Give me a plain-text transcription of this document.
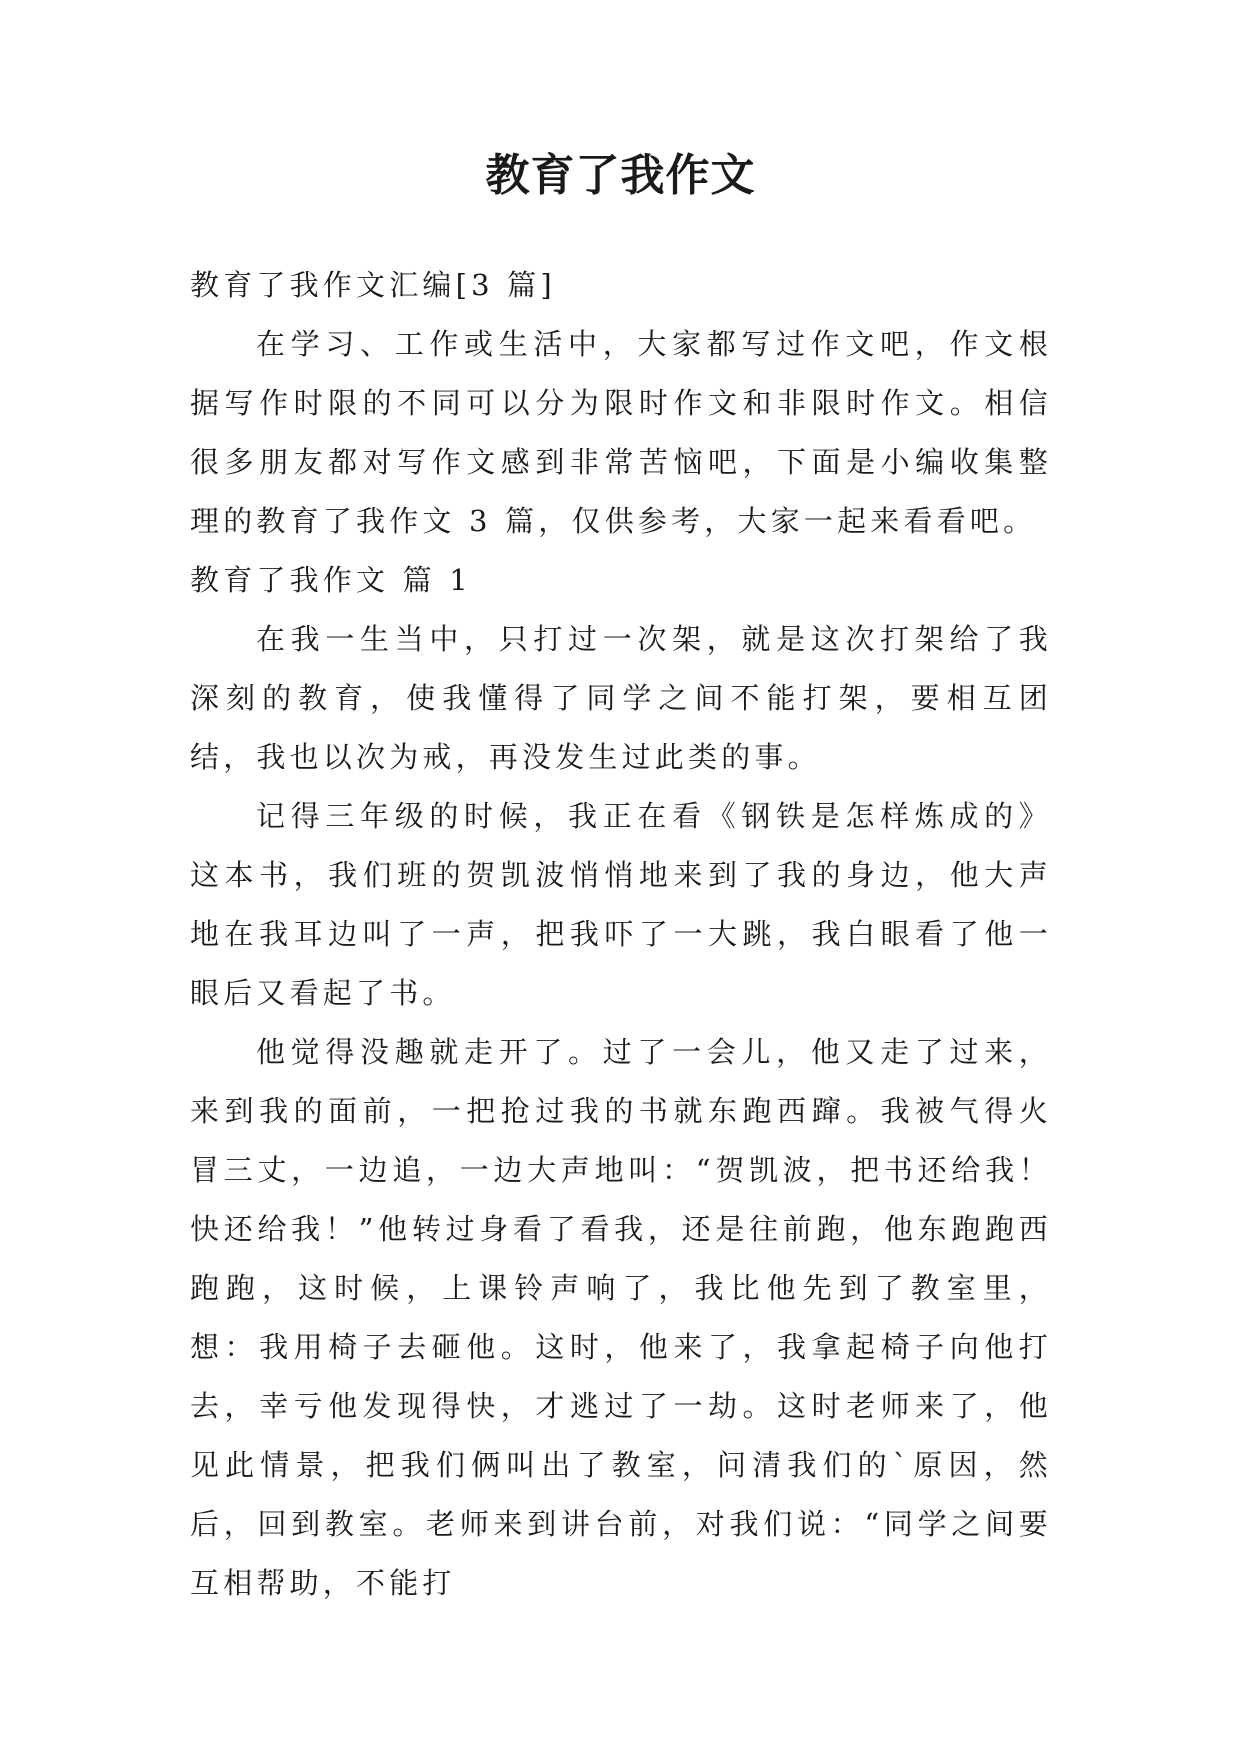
教育了我作文

教育了我作文汇编[3 篇]

在学习、工作或生活中，大家都写过作文吧，作文根据写作时限的不同可以分为限时作文和非限时作文。相信很多朋友都对写作文感到非常苦恼吧，下面是小编收集整理的教育了我作文 3 篇，仅供参考，大家一起来看看吧。

教育了我作文 篇 1

在我一生当中，只打过一次架，就是这次打架给了我深刻的教育，使我懂得了同学之间不能打架，要相互团结，我也以次为戒，再没发生过此类的事。

记得三年级的时候，我正在看《钢铁是怎样炼成的》这本书，我们班的贺凯波悄悄地来到了我的身边，他大声地在我耳边叫了一声，把我吓了一大跳，我白眼看了他一眼后又看起了书。

他觉得没趣就走开了。过了一会儿，他又走了过来，来到我的面前，一把抢过我的书就东跑西蹿。我被气得火冒三丈，一边追，一边大声地叫：“贺凯波，把书还给我！快还给我！”他转过身看了看我，还是往前跑，他东跑跑西跑跑，这时候，上课铃声响了，我比他先到了教室里，想：我用椅子去砸他。这时，他来了，我拿起椅子向他打去，幸亏他发现得快，才逃过了一劫。这时老师来了，他见此情景，把我们俩叫出了教室，问清我们的`原因，然后，回到教室。老师来到讲台前，对我们说：“同学之间要互相帮助，不能打
